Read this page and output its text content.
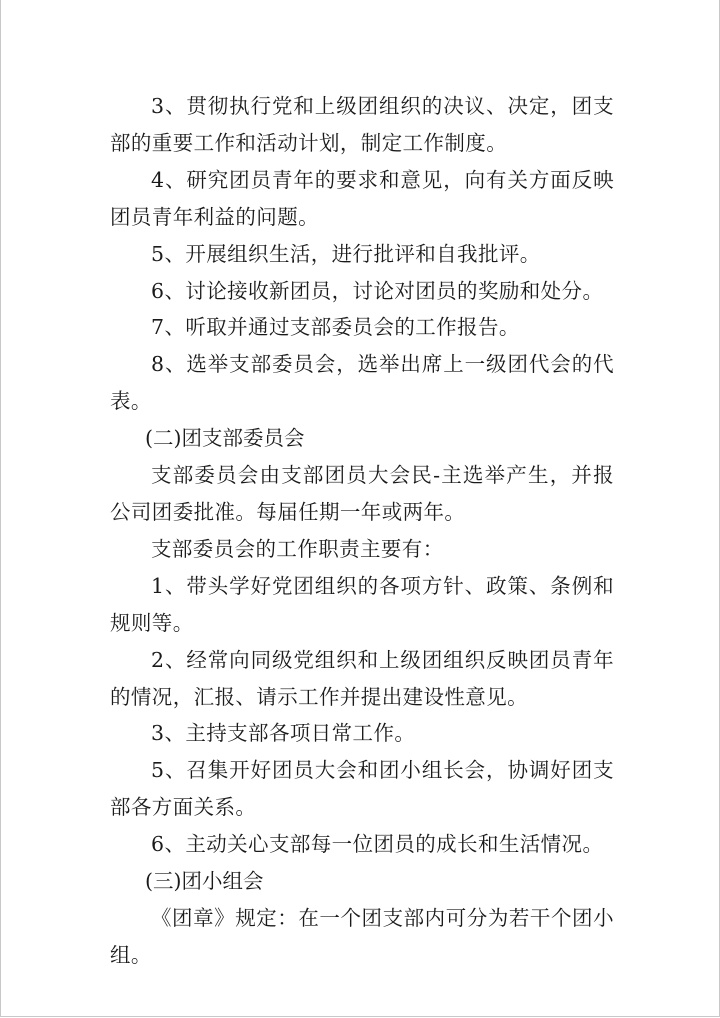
3、贯彻执行党和上级团组织的决议、决定，团支部的重要工作和活动计划，制定工作制度。

4、研究团员青年的要求和意见，向有关方面反映团员青年利益的问题。

5、开展组织生活，进行批评和自我批评。

6、讨论接收新团员，讨论对团员的奖励和处分。

7、听取并通过支部委员会的工作报告。

8、选举支部委员会，选举出席上一级团代会的代表。

(二)团支部委员会

支部委员会由支部团员大会民-主选举产生，并报公司团委批准。每届任期一年或两年。

支部委员会的工作职责主要有：

1、带头学好党团组织的各项方针、政策、条例和规则等。

2、经常向同级党组织和上级团组织反映团员青年的情况，汇报、请示工作并提出建设性意见。

3、主持支部各项日常工作。

5、召集开好团员大会和团小组长会，协调好团支部各方面关系。

6、主动关心支部每一位团员的成长和生活情况。

(三)团小组会

《团章》规定：在一个团支部内可分为若干个团小组。
